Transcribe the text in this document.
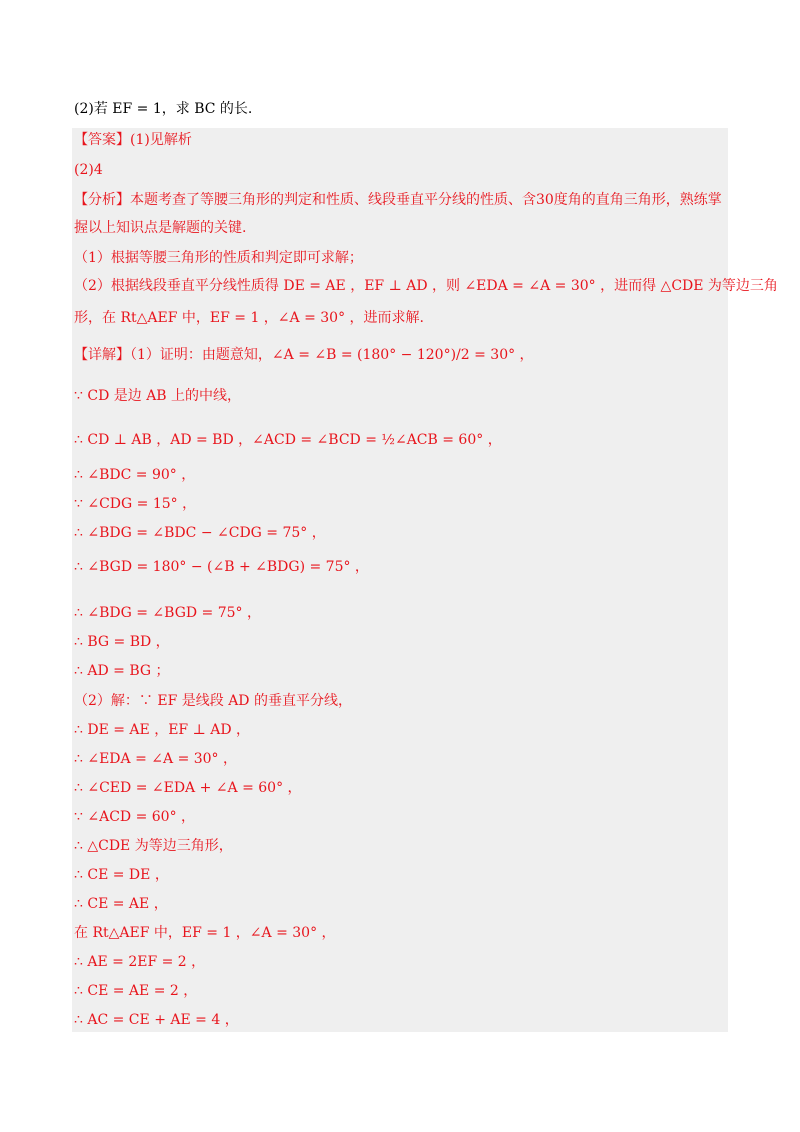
(2)若 EF = 1，求 BC 的长.
【答案】(1)见解析
(2)4
【分析】本题考查了等腰三角形的判定和性质、线段垂直平分线的性质、含30度角的直角三角形，熟练掌
握以上知识点是解题的关键.
（1）根据等腰三角形的性质和判定即可求解；
（2）根据线段垂直平分线性质得 DE = AE ，EF ⊥ AD ，则 ∠EDA = ∠A = 30° ，进而得 △CDE 为等边三角
形，在 Rt△AEF 中，EF = 1 ，∠A = 30° ，进而求解.
【详解】（1）证明：由题意知，∠A = ∠B = (180° − 120°)/2 = 30° ，
∵ CD 是边 AB 上的中线，
∴ CD ⊥ AB ，AD = BD ，∠ACD = ∠BCD = ½∠ACB = 60° ，
∴ ∠BDC = 90° ，
∵ ∠CDG = 15° ，
∴ ∠BDG = ∠BDC − ∠CDG = 75° ，
∴ ∠BGD = 180° − (∠B + ∠BDG) = 75° ，
∴ ∠BDG = ∠BGD = 75° ，
∴ BG = BD ，
∴ AD = BG ；
（2）解：∵ EF 是线段 AD 的垂直平分线，
∴ DE = AE ，EF ⊥ AD ，
∴ ∠EDA = ∠A = 30° ，
∴ ∠CED = ∠EDA + ∠A = 60° ，
∵ ∠ACD = 60° ，
∴ △CDE 为等边三角形，
∴ CE = DE ，
∴ CE = AE ，
在 Rt△AEF 中，EF = 1 ，∠A = 30° ，
∴ AE = 2EF = 2 ，
∴ CE = AE = 2 ，
∴ AC = CE + AE = 4 ，
